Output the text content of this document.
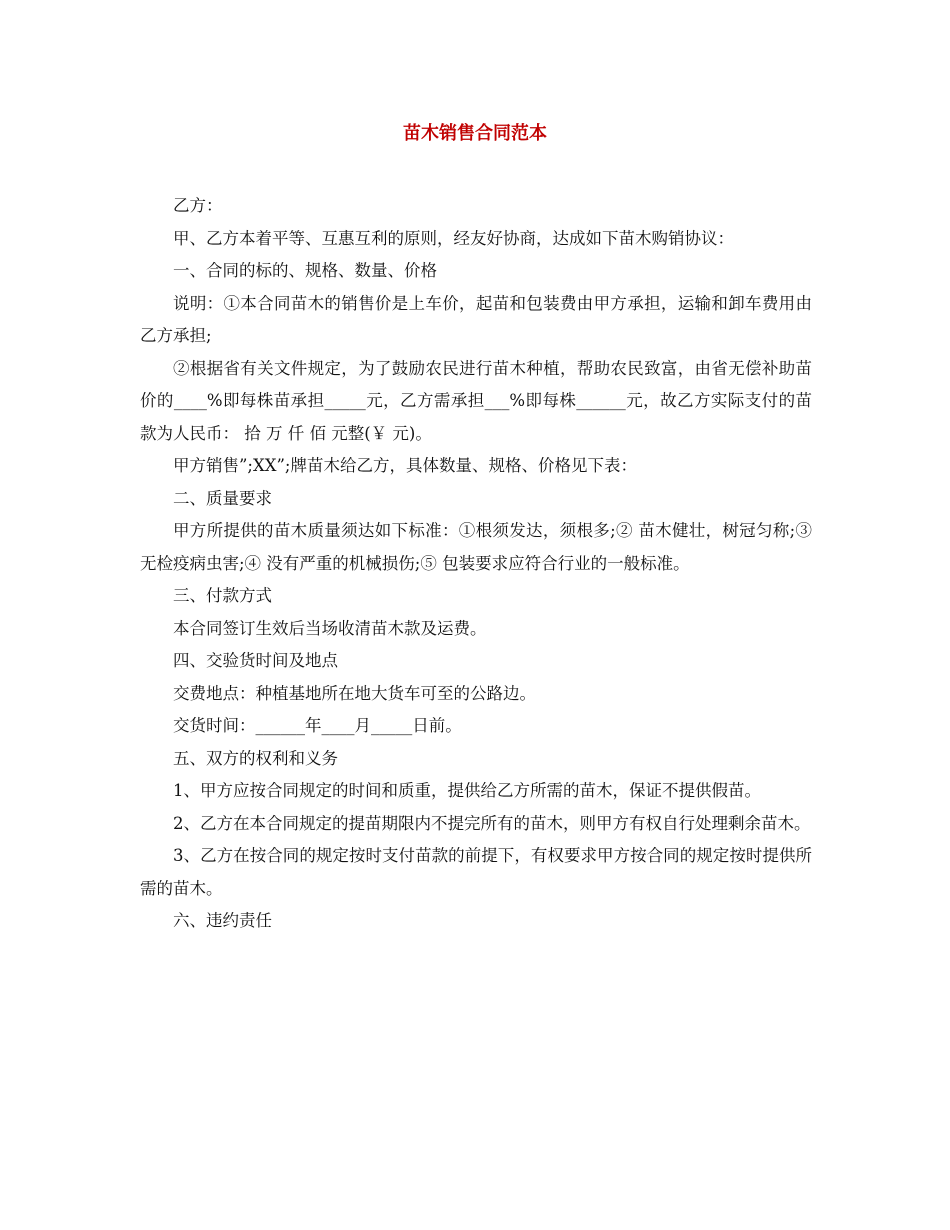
苗木销售合同范本

乙方：

甲、乙方本着平等、互惠互利的原则，经友好协商，达成如下苗木购销协议：

一、合同的标的、规格、数量、价格

说明：①本合同苗木的销售价是上车价，起苗和包装费由甲方承担，运输和卸车费用由乙方承担;

②根据省有关文件规定，为了鼓励农民进行苗木种植，帮助农民致富，由省无偿补助苗价的____%即每株苗承担_____元，乙方需承担___%即每株______元，故乙方实际支付的苗款为人民币： 拾 万 仟 佰 元整(￥ 元)。

甲方销售”;XX”;牌苗木给乙方，具体数量、规格、价格见下表：

二、质量要求

甲方所提供的苗木质量须达如下标准：①根须发达，须根多;② 苗木健壮，树冠匀称;③ 无检疫病虫害;④ 没有严重的机械损伤;⑤ 包装要求应符合行业的一般标准。

三、付款方式

本合同签订生效后当场收清苗木款及运费。

四、交验货时间及地点

交费地点：种植基地所在地大货车可至的公路边。

交货时间：______年____月_____日前。

五、双方的权利和义务

1、甲方应按合同规定的时间和质重，提供给乙方所需的苗木，保证不提供假苗。

2、乙方在本合同规定的提苗期限内不提完所有的苗木，则甲方有权自行处理剩余苗木。

3、乙方在按合同的规定按时支付苗款的前提下，有权要求甲方按合同的规定按时提供所需的苗木。

六、违约责任
